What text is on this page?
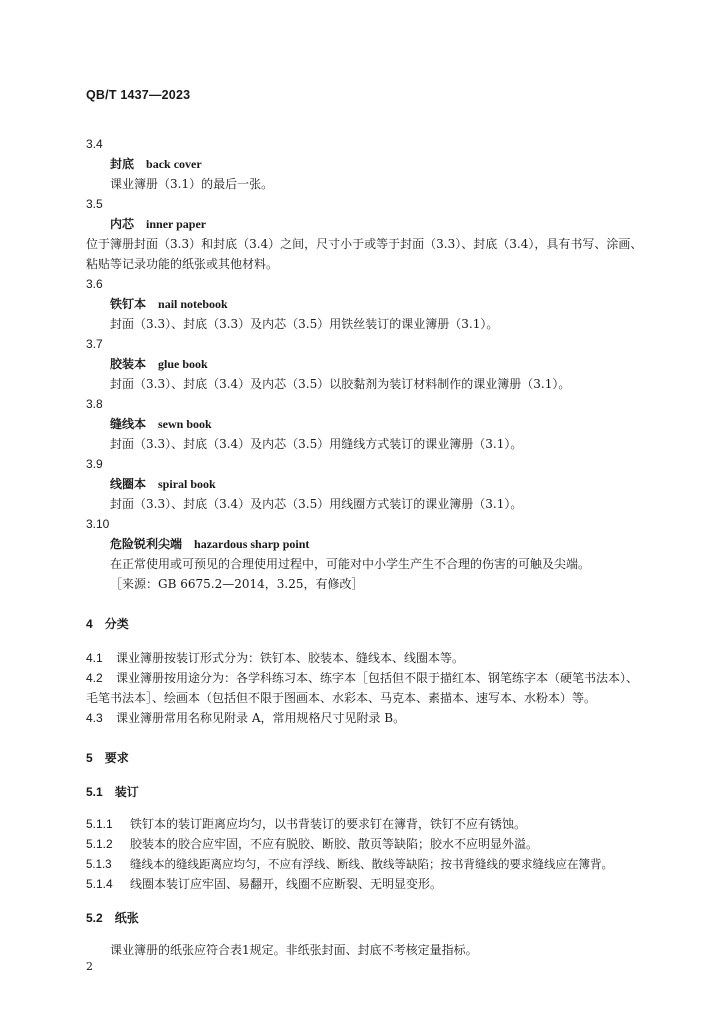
QB/T 1437—2023
3.4
封底 back cover
课业簿册（3.1）的最后一张。
3.5
内芯 inner paper
位于簿册封面（3.3）和封底（3.4）之间，尺寸小于或等于封面（3.3）、封底（3.4），具有书写、涂画、粘贴等记录功能的纸张或其他材料。
3.6
铁钉本 nail notebook
封面（3.3）、封底（3.3）及内芯（3.5）用铁丝装订的课业簿册（3.1）。
3.7
胶装本 glue book
封面（3.3）、封底（3.4）及内芯（3.5）以胶黏剂为装订材料制作的课业簿册（3.1）。
3.8
缝线本 sewn book
封面（3.3）、封底（3.4）及内芯（3.5）用缝线方式装订的课业簿册（3.1）。
3.9
线圈本 spiral book
封面（3.3）、封底（3.4）及内芯（3.5）用线圈方式装订的课业簿册（3.1）。
3.10
危险锐利尖端 hazardous sharp point
在正常使用或可预见的合理使用过程中，可能对中小学生产生不合理的伤害的可触及尖端。
［来源：GB 6675.2—2014，3.25，有修改］
4 分类
4.1 课业簿册按装订形式分为：铁钉本、胶装本、缝线本、线圈本等。
4.2 课业簿册按用途分为：各学科练习本、练字本［包括但不限于描红本、钢笔练字本（硬笔书法本）、毛笔书法本］、绘画本（包括但不限于图画本、水彩本、马克本、素描本、速写本、水粉本）等。
4.3 课业簿册常用名称见附录 A，常用规格尺寸见附录 B。
5 要求
5.1 装订
5.1.1 铁钉本的装订距离应均匀，以书背装订的要求钉在簿背，铁钉不应有锈蚀。
5.1.2 胶装本的胶合应牢固，不应有脱胶、断胶、散页等缺陷；胶水不应明显外溢。
5.1.3 缝线本的缝线距离应均匀，不应有浮线、断线、散线等缺陷；按书背缝线的要求缝线应在簿背。
5.1.4 线圈本装订应牢固、易翻开，线圈不应断裂、无明显变形。
5.2 纸张
课业簿册的纸张应符合表1规定。非纸张封面、封底不考核定量指标。
2
